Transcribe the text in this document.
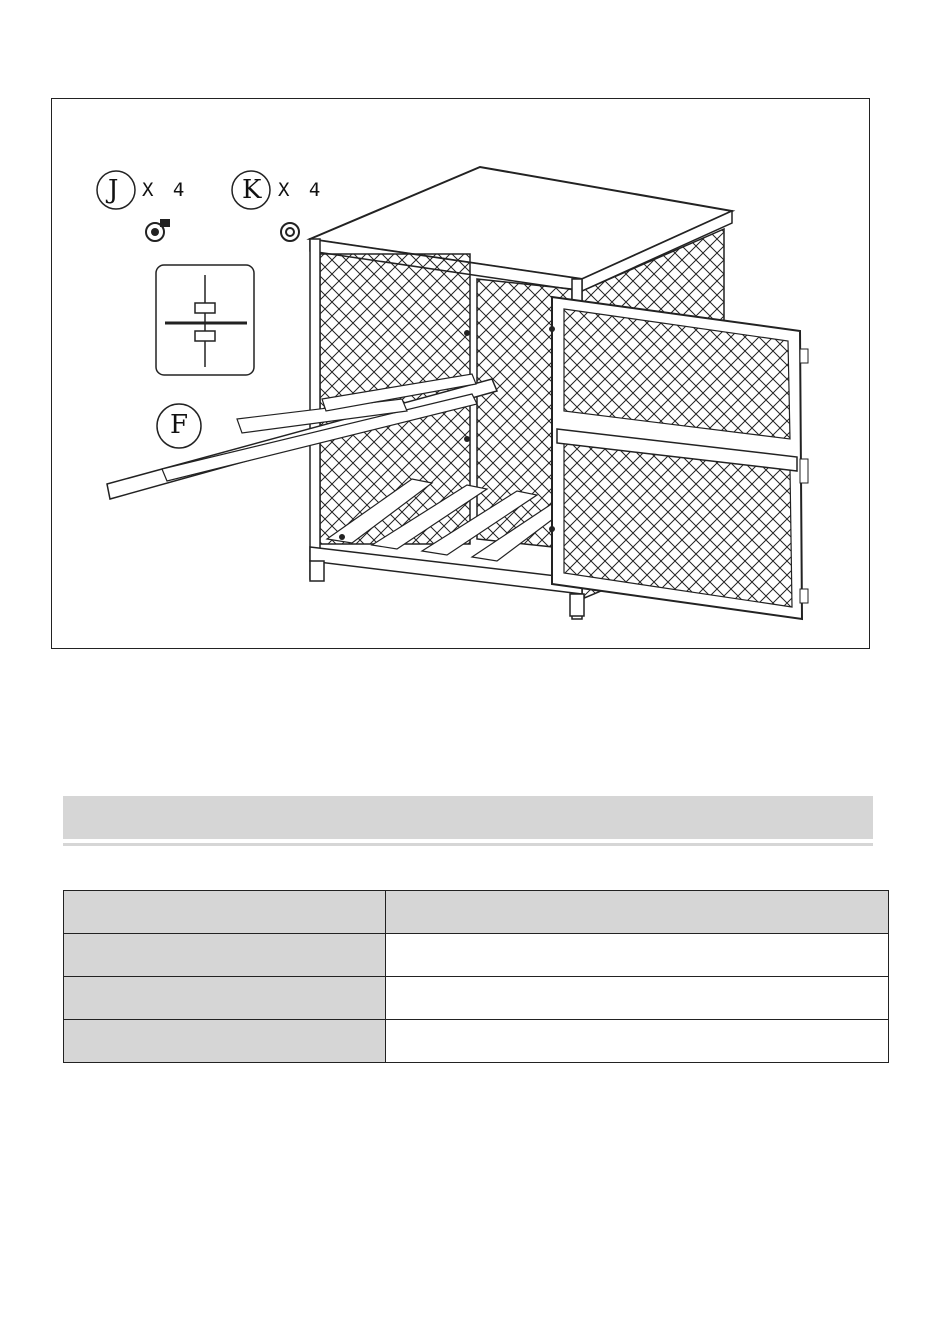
J X 4 K X 4
F
